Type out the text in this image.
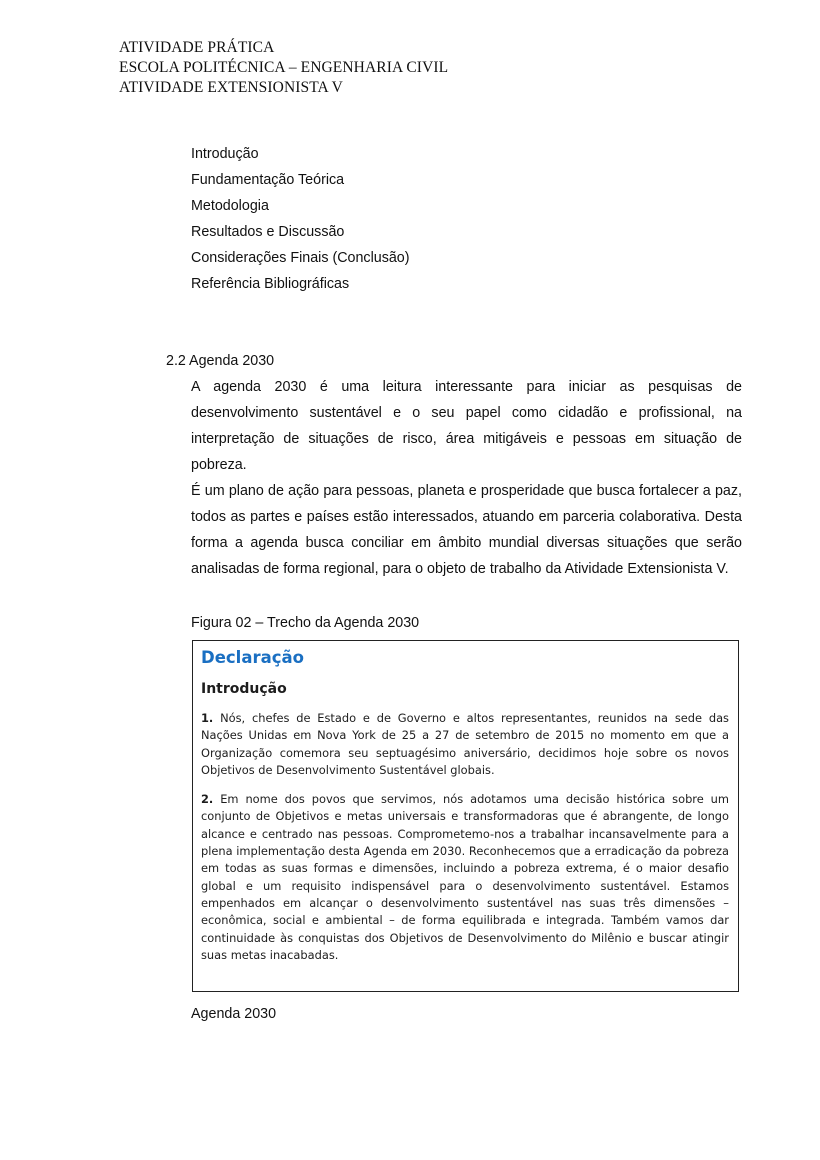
ATIVIDADE PRÁTICA
ESCOLA POLITÉCNICA – ENGENHARIA CIVIL
ATIVIDADE EXTENSIONISTA V
Introdução
Fundamentação Teórica
Metodologia
Resultados e Discussão
Considerações Finais (Conclusão)
Referência Bibliográficas
2.2 Agenda 2030

A agenda 2030 é uma leitura interessante para iniciar as pesquisas de desenvolvimento sustentável e o seu papel como cidadão e profissional, na interpretação de situações de risco, área mitigáveis e pessoas em situação de pobreza.

É um plano de ação para pessoas, planeta e prosperidade que busca fortalecer a paz, todos as partes e países estão interessados, atuando em parceria colaborativa. Desta forma a agenda busca conciliar em âmbito mundial diversas situações que serão analisadas de forma regional, para o objeto de trabalho da Atividade Extensionista V.

Figura 02 – Trecho da Agenda 2030
Declaração
Introdução

1. Nós, chefes de Estado e de Governo e altos representantes, reunidos na sede das Nações Unidas em Nova York de 25 a 27 de setembro de 2015 no momento em que a Organização comemora seu septuagésimo aniversário, decidimos hoje sobre os novos Objetivos de Desenvolvimento Sustentável globais.

2. Em nome dos povos que servimos, nós adotamos uma decisão histórica sobre um conjunto de Objetivos e metas universais e transformadoras que é abrangente, de longo alcance e centrado nas pessoas. Comprometemo-nos a trabalhar incansavelmente para a plena implementação desta Agenda em 2030. Reconhecemos que a erradicação da pobreza em todas as suas formas e dimensões, incluindo a pobreza extrema, é o maior desafio global e um requisito indispensável para o desenvolvimento sustentável. Estamos empenhados em alcançar o desenvolvimento sustentável nas suas três dimensões – econômica, social e ambiental – de forma equilibrada e integrada. Também vamos dar continuidade às conquistas dos Objetivos de Desenvolvimento do Milênio e buscar atingir suas metas inacabadas.

Agenda 2030
